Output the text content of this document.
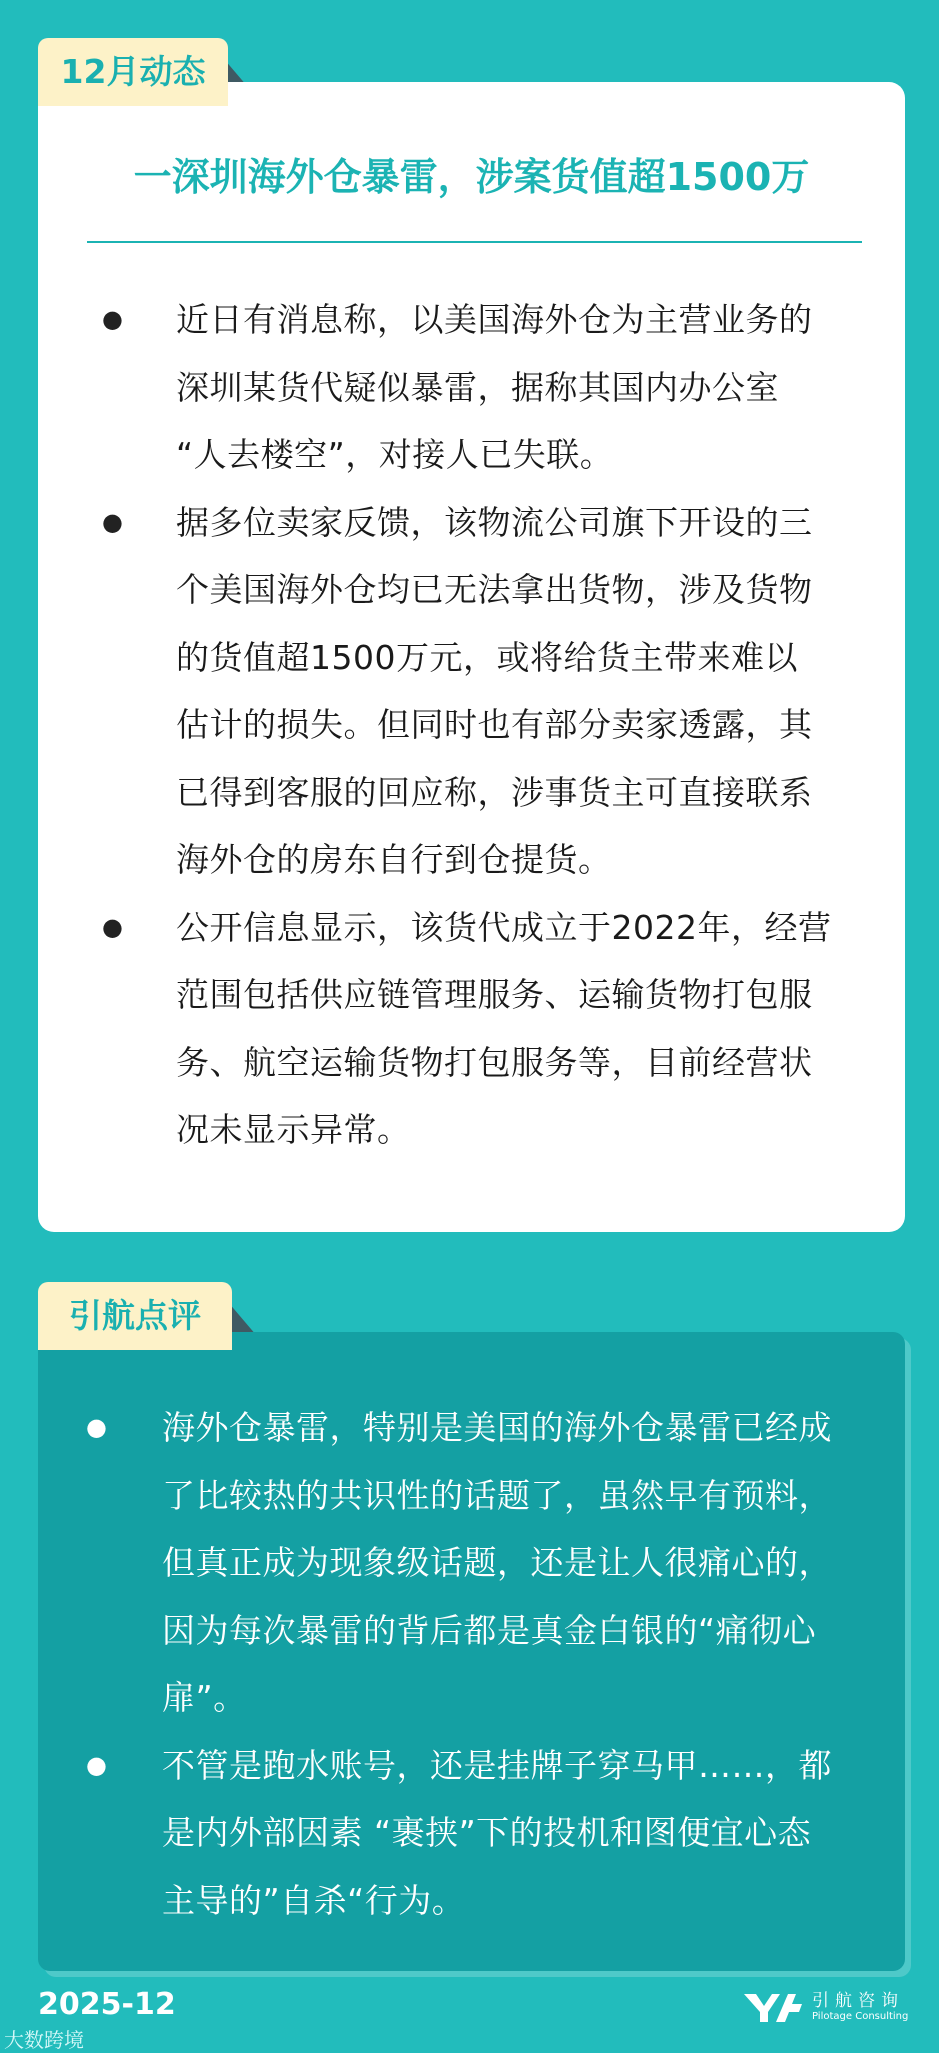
12月动态
一深圳海外仓暴雷，涉案货值超1500万
● 近日有消息称，以美国海外仓为主营业务的
深圳某货代疑似暴雷，据称其国内办公室
“人去楼空”，对接人已失联。
● 据多位卖家反馈，该物流公司旗下开设的三
个美国海外仓均已无法拿出货物，涉及货物
的货值超1500万元，或将给货主带来难以
估计的损失。但同时也有部分卖家透露，其
已得到客服的回应称，涉事货主可直接联系
海外仓的房东自行到仓提货。
● 公开信息显示，该货代成立于2022年，经营
范围包括供应链管理服务、运输货物打包服
务、航空运输货物打包服务等，目前经营状
况未显示异常。
引航点评
● 海外仓暴雷，特别是美国的海外仓暴雷已经成
了比较热的共识性的话题了，虽然早有预料，
但真正成为现象级话题，还是让人很痛心的，
因为每次暴雷的背后都是真金白银的“痛彻心
扉”。
● 不管是跑水账号，还是挂牌子穿马甲……，都
是内外部因素 “裹挟”下的投机和图便宜心态
主导的”自杀“行为。
2025-12
大数跨境
引航咨询
Pilotage Consulting
